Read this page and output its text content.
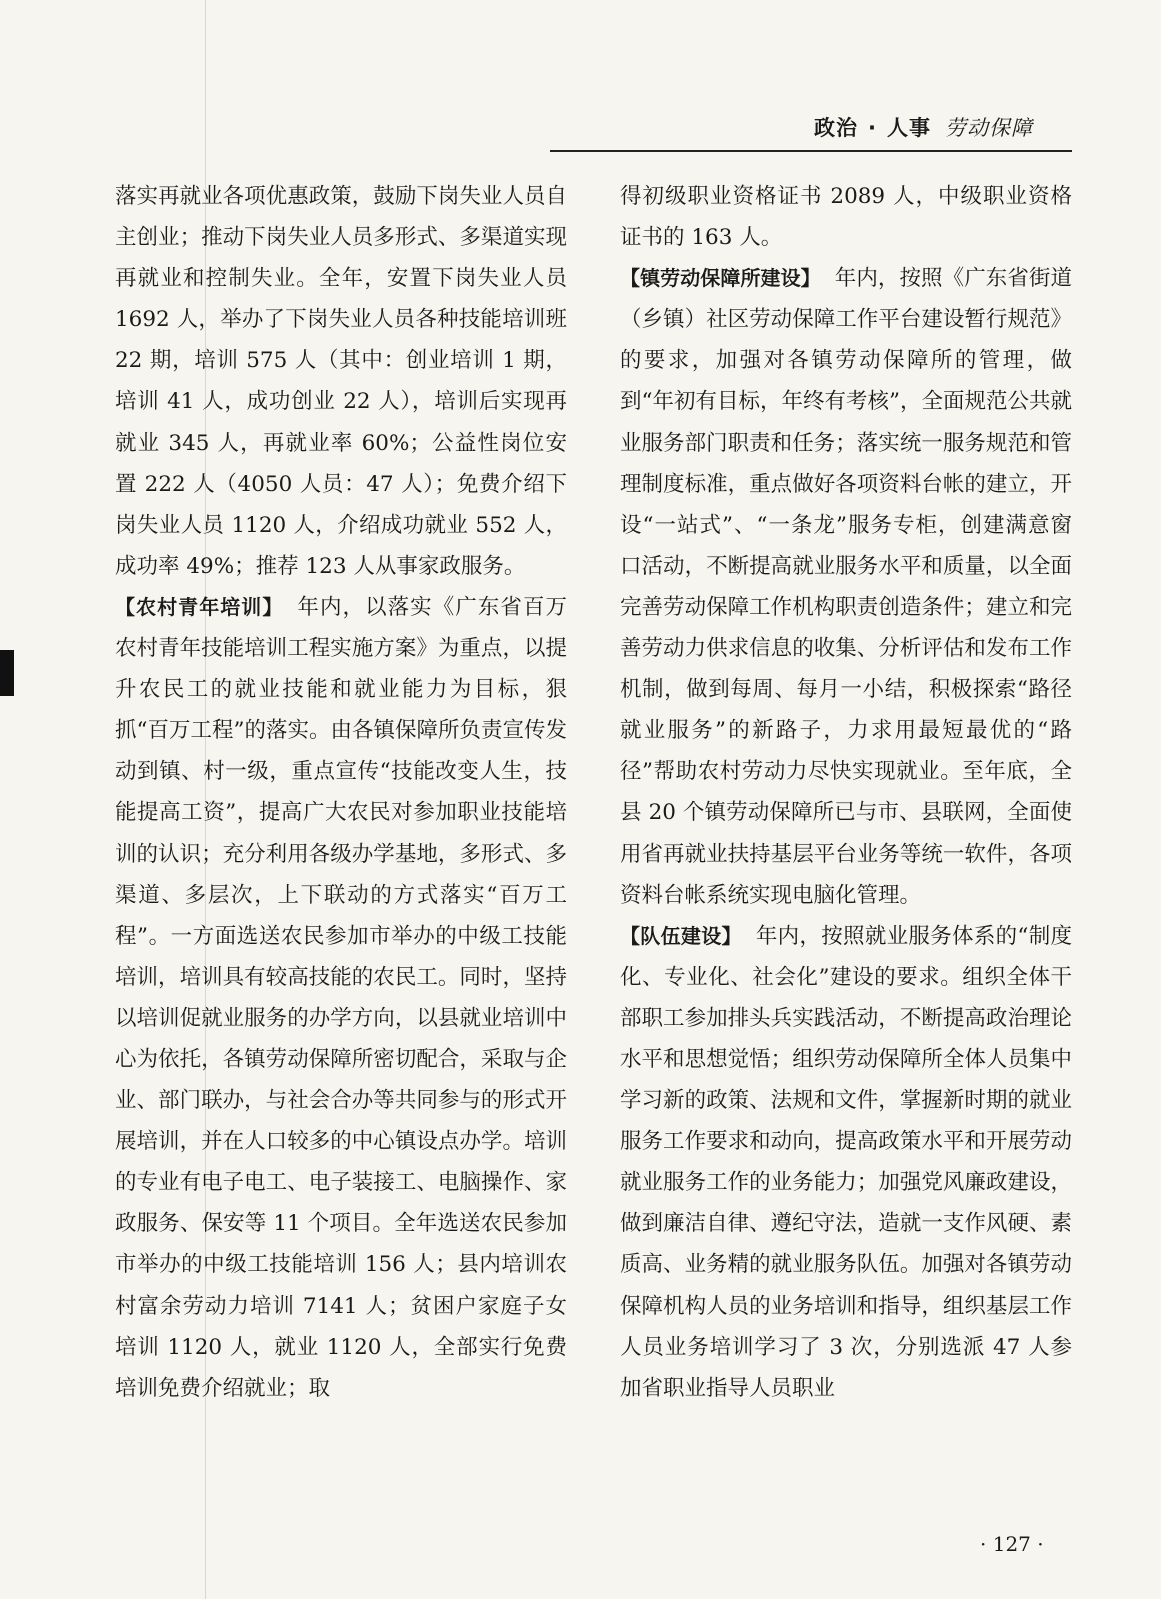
政治 · 人事 劳动保障

落实再就业各项优惠政策，鼓励下岗失业人员自主创业；推动下岗失业人员多形式、多渠道实现再就业和控制失业。全年，安置下岗失业人员 1692 人，举办了下岗失业人员各种技能培训班 22 期，培训 575 人（其中：创业培训 1 期，培训 41 人，成功创业 22 人），培训后实现再就业 345 人，再就业率 60%；公益性岗位安置 222 人（4050 人员：47 人）；免费介绍下岗失业人员 1120 人，介绍成功就业 552 人，成功率 49%；推荐 123 人从事家政服务。

【农村青年培训】 年内，以落实《广东省百万农村青年技能培训工程实施方案》为重点，以提升农民工的就业技能和就业能力为目标，狠抓“百万工程”的落实。由各镇保障所负责宣传发动到镇、村一级，重点宣传“技能改变人生，技能提高工资”，提高广大农民对参加职业技能培训的认识；充分利用各级办学基地，多形式、多渠道、多层次，上下联动的方式落实“百万工程”。一方面选送农民参加市举办的中级工技能培训，培训具有较高技能的农民工。同时，坚持以培训促就业服务的办学方向，以县就业培训中心为依托，各镇劳动保障所密切配合，采取与企业、部门联办，与社会合办等共同参与的形式开展培训，并在人口较多的中心镇设点办学。培训的专业有电子电工、电子装接工、电脑操作、家政服务、保安等 11 个项目。全年选送农民参加市举办的中级工技能培训 156 人；县内培训农村富余劳动力培训 7141 人；贫困户家庭子女培训 1120 人，就业 1120 人，全部实行免费培训免费介绍就业；取

得初级职业资格证书 2089 人，中级职业资格证书的 163 人。

【镇劳动保障所建设】 年内，按照《广东省街道（乡镇）社区劳动保障工作平台建设暂行规范》的要求，加强对各镇劳动保障所的管理，做到“年初有目标，年终有考核”，全面规范公共就业服务部门职责和任务；落实统一服务规范和管理制度标准，重点做好各项资料台帐的建立，开设“一站式”、“一条龙”服务专柜，创建满意窗口活动，不断提高就业服务水平和质量，以全面完善劳动保障工作机构职责创造条件；建立和完善劳动力供求信息的收集、分析评估和发布工作机制，做到每周、每月一小结，积极探索“路径就业服务”的新路子，力求用最短最优的“路径”帮助农村劳动力尽快实现就业。至年底，全县 20 个镇劳动保障所已与市、县联网，全面使用省再就业扶持基层平台业务等统一软件，各项资料台帐系统实现电脑化管理。

【队伍建设】 年内，按照就业服务体系的“制度化、专业化、社会化”建设的要求。组织全体干部职工参加排头兵实践活动，不断提高政治理论水平和思想觉悟；组织劳动保障所全体人员集中学习新的政策、法规和文件，掌握新时期的就业服务工作要求和动向，提高政策水平和开展劳动就业服务工作的业务能力；加强党风廉政建设，做到廉洁自律、遵纪守法，造就一支作风硬、素质高、业务精的就业服务队伍。加强对各镇劳动保障机构人员的业务培训和指导，组织基层工作人员业务培训学习了 3 次，分别选派 47 人参加省职业指导人员职业

· 127 ·
